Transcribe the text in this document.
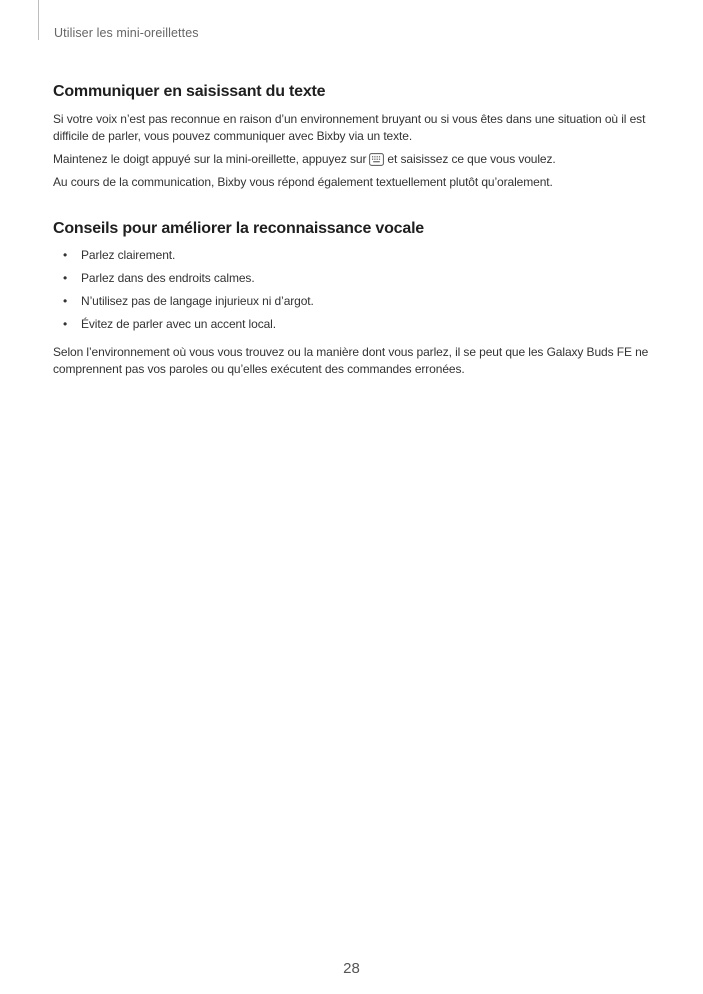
Utiliser les mini-oreillettes
Communiquer en saisissant du texte

Si votre voix n’est pas reconnue en raison d’un environnement bruyant ou si vous êtes dans une situation où il est difficile de parler, vous pouvez communiquer avec Bixby via un texte.

Maintenez le doigt appuyé sur la mini-oreillette, appuyez sur et saisissez ce que vous voulez.

Au cours de la communication, Bixby vous répond également textuellement plutôt qu’oralement.

Conseils pour améliorer la reconnaissance vocale
• Parlez clairement.
• Parlez dans des endroits calmes.
• N’utilisez pas de langage injurieux ni d’argot.
• Évitez de parler avec un accent local.

Selon l’environnement où vous vous trouvez ou la manière dont vous parlez, il se peut que les Galaxy Buds FE ne comprennent pas vos paroles ou qu’elles exécutent des commandes erronées.

28
